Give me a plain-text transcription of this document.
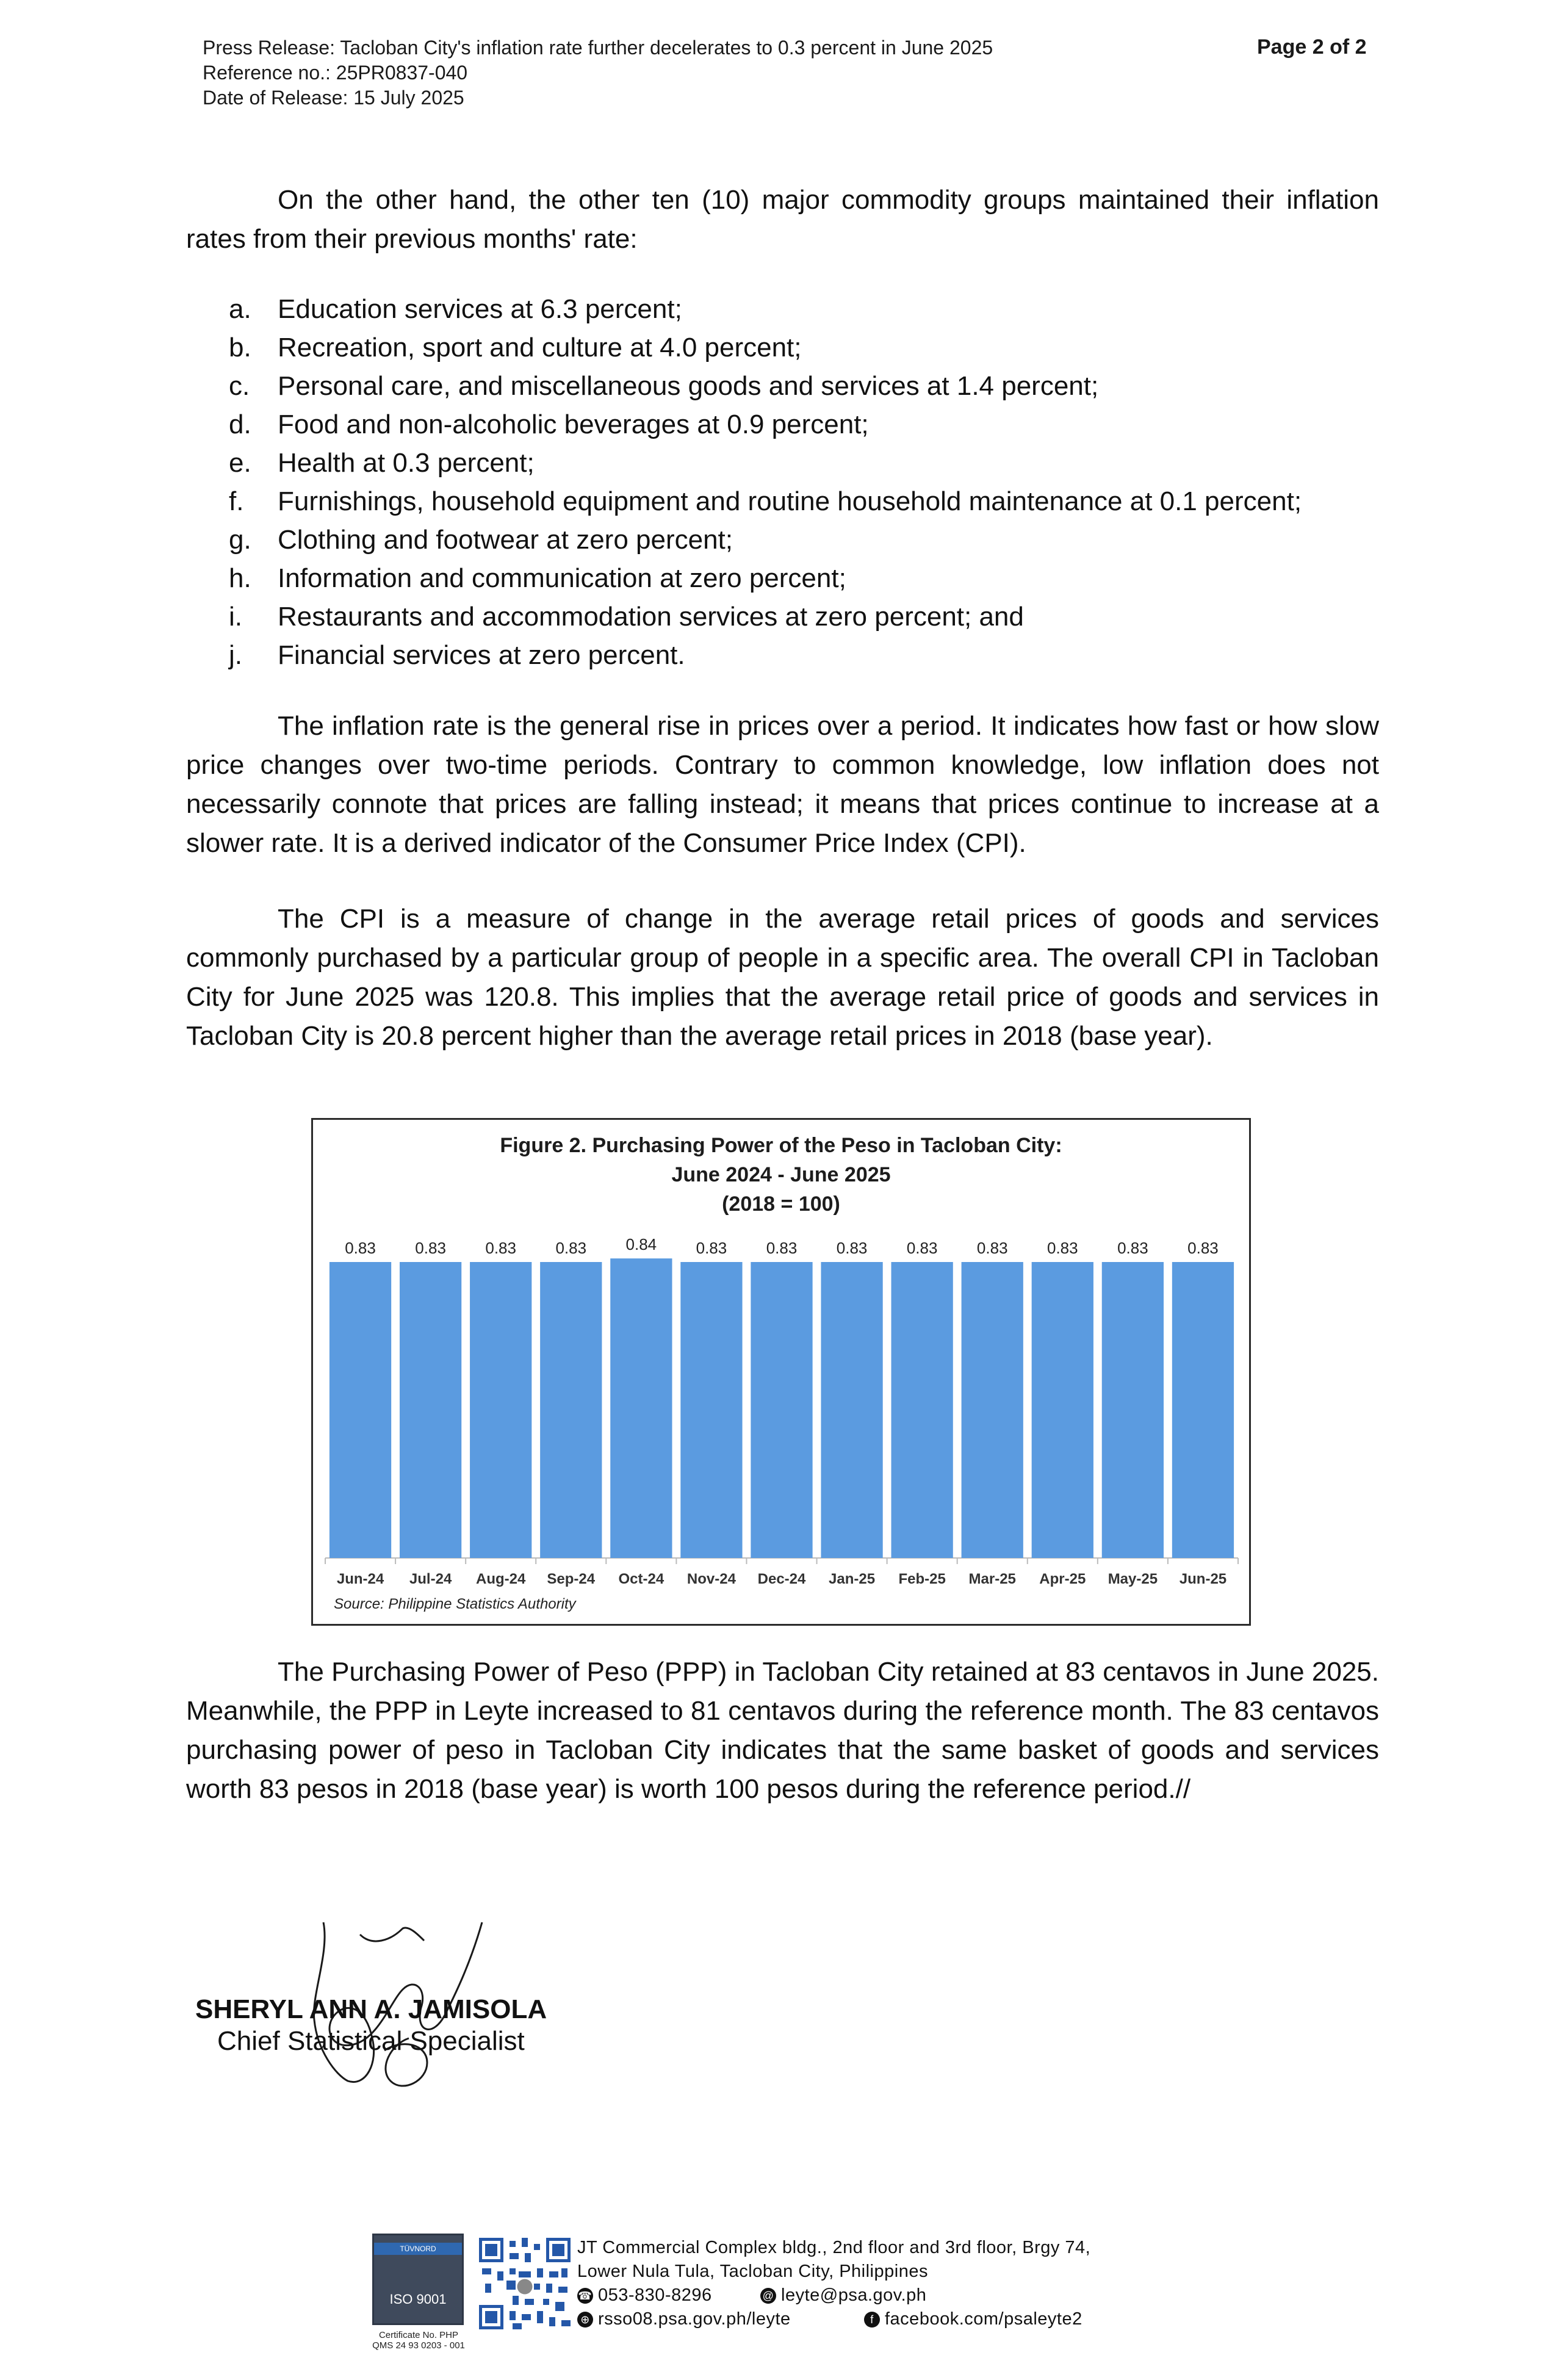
Press Release: Tacloban City's inflation rate further decelerates to 0.3 percent in June 2025
Reference no.: 25PR0837-040
Date of Release: 15 July 2025
Page 2 of 2
On the other hand, the other ten (10) major commodity groups maintained their inflation rates from their previous months' rate:
a. Education services at 6.3 percent;
b. Recreation, sport and culture at 4.0 percent;
c.	Personal care, and miscellaneous goods and services at 1.4 percent;
d. Food and non-alcoholic beverages at 0.9 percent;
e. Health at 0.3 percent;
f.	Furnishings, household equipment and routine household maintenance at 0.1 percent;
g. Clothing and footwear at zero percent;
h. Information and communication at zero percent;
i.	Restaurants and accommodation services at zero percent; and
j.	Financial services at zero percent.
The inflation rate is the general rise in prices over a period. It indicates how fast or how slow price changes over two-time periods. Contrary to common knowledge, low inflation does not necessarily connote that prices are falling instead; it means that prices continue to increase at a slower rate. It is a derived indicator of the Consumer Price Index (CPI).
The CPI is a measure of change in the average retail prices of goods and services commonly purchased by a particular group of people in a specific area. The overall CPI in Tacloban City for June 2025 was 120.8. This implies that the average retail price of goods and services in Tacloban City is 20.8 percent higher than the average retail prices in 2018 (base year).
Figure 2. Purchasing Power of the Peso in Tacloban City:
June 2024 - June 2025
(2018 = 100)
0.83
Jun-24
0.83
Jul-24
0.83
Aug-24
0.83
Sep-24
0.84
Oct-24
0.83
Nov-24
0.83
Dec-24
0.83
Jan-25
0.83
Feb-25
0.83
Mar-25
0.83
Apr-25
0.83
May-25
0.83
Jun-25
Source: Philippine Statistics Authority
The Purchasing Power of Peso (PPP) in Tacloban City retained at 83 centavos in June 2025. Meanwhile, the PPP in Leyte increased to 81 centavos during the reference month. The 83 centavos purchasing power of peso in Tacloban City indicates that the same basket of goods and services worth 83 pesos in 2018 (base year) is worth 100 pesos during the reference period.//
SHERYL ANN A. JAMISOLA
Chief Statistical Specialist
TÜVNORD
ISO 9001
Certificate No. PHP
QMS 24 93 0203 - 001
JT Commercial Complex bldg., 2nd floor and 3rd floor, Brgy 74,
Lower Nula Tula, Tacloban City, Philippines
☎ 053-830-8296	@ leyte@psa.gov.ph
⊕ rsso08.psa.gov.ph/leyte	f facebook.com/psaleyte2
